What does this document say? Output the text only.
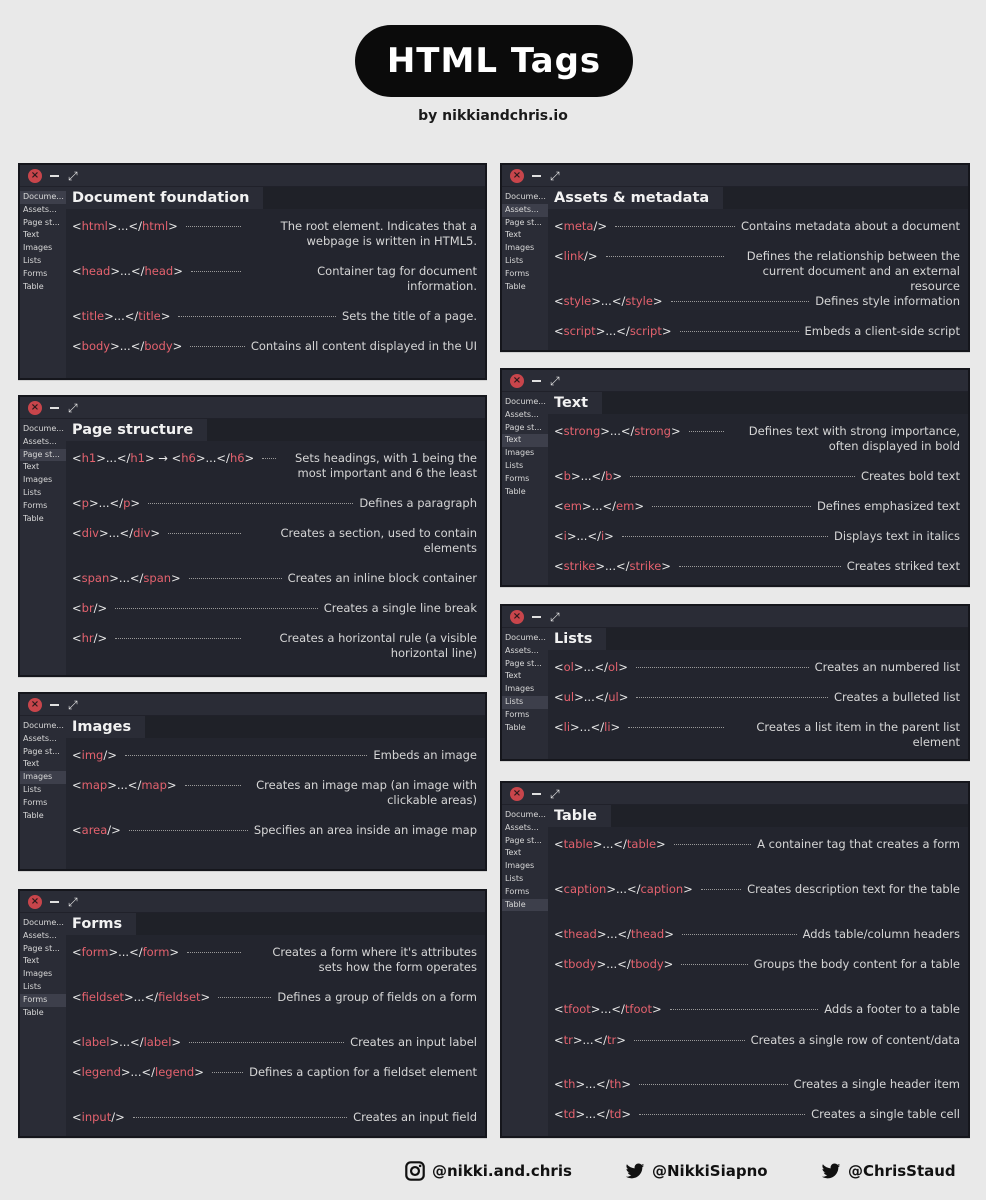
HTML Tags
by nikkiandchris.io
× ⤢
Docume...
Assets...
Page st...
Text
Images
Lists
Forms
Table
Document foundation
<html>...</html>	The root element. Indicates that a webpage is written in HTML5.
<head>...</head>	Container tag for document information.
<title>...</title>	Sets the title of a page.
<body>...</body>	Contains all content displayed in the UI
× ⤢
Docume...
Assets...
Page st...
Text
Images
Lists
Forms
Table
Page structure
<h1>...</h1> → <h6>...</h6>	Sets headings, with 1 being the most important and 6 the least
<p>...</p>	Defines a paragraph
<div>...</div>	Creates a section, used to contain elements
<span>...</span>	Creates an inline block container
<br/>	Creates a single line break
<hr/>	Creates a horizontal rule (a visible horizontal line)
× ⤢
Docume...
Assets...
Page st...
Text
Images
Lists
Forms
Table
Images
<img/>	Embeds an image
<map>...</map>	Creates an image map (an image with clickable areas)
<area/>	Specifies an area inside an image map
× ⤢
Docume...
Assets...
Page st...
Text
Images
Lists
Forms
Table
Forms
<form>...</form>	Creates a form where it's attributes sets how the form operates
<fieldset>...</fieldset>	Defines a group of fields on a form
<label>...</label>	Creates an input label
<legend>...</legend>	Defines a caption for a fieldset element
<input/>	Creates an input field
× ⤢
Docume...
Assets...
Page st...
Text
Images
Lists
Forms
Table
Assets & metadata
<meta/>	Contains metadata about a document
<link/>	Defines the relationship between the current document and an external resource
<style>...</style>	Defines style information
<script>...</script>	Embeds a client-side script
× ⤢
Docume...
Assets...
Page st...
Text
Images
Lists
Forms
Table
Text
<strong>...</strong>	Defines text with strong importance, often displayed in bold
<b>...</b>	Creates bold text
<em>...</em>	Defines emphasized text
<i>...</i>	Displays text in italics
<strike>...</strike>	Creates striked text
× ⤢
Docume...
Assets...
Page st...
Text
Images
Lists
Forms
Table
Lists
<ol>...</ol>	Creates an numbered list
<ul>...</ul>	Creates a bulleted list
<li>...</li>	Creates a list item in the parent list element
× ⤢
Docume...
Assets...
Page st...
Text
Images
Lists
Forms
Table
Table
<table>...</table>	A container tag that creates a form
<caption>...</caption>	Creates description text for the table
<thead>...</thead>	Adds table/column headers
<tbody>...</tbody>	Groups the body content for a table
<tfoot>...</tfoot>	Adds a footer to a table
<tr>...</tr>	Creates a single row of content/data
<th>...</th>	Creates a single header item
<td>...</td>	Creates a single table cell
@nikki.and.chris	@NikkiSiapno	@ChrisStaud
